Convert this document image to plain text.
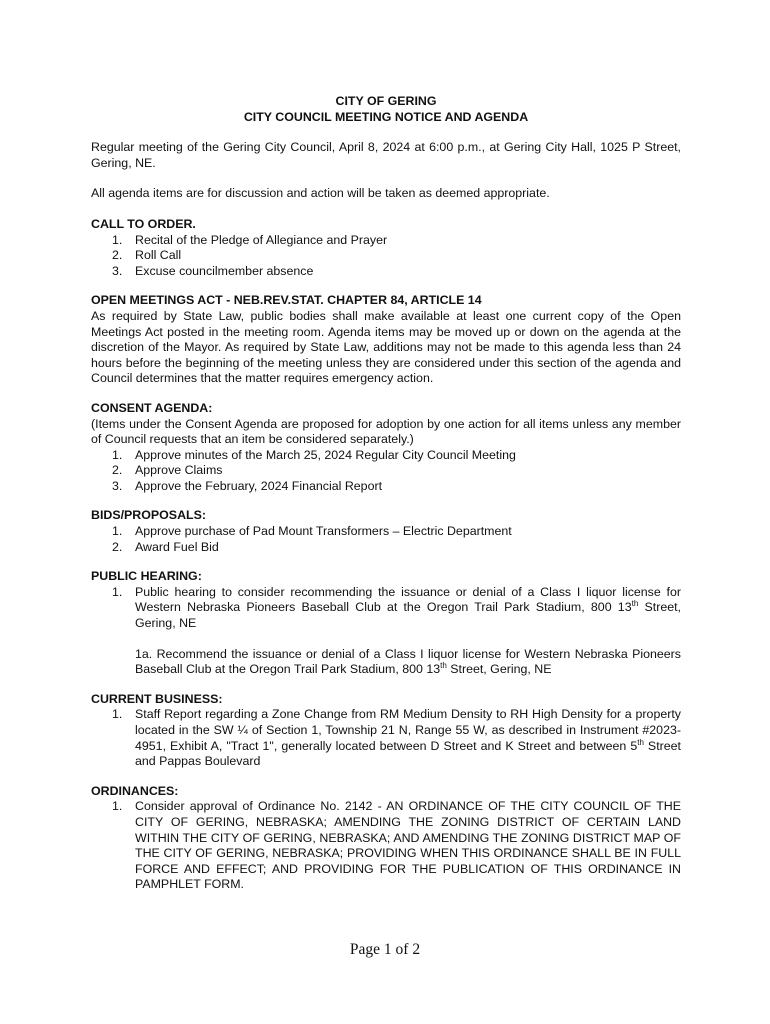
CITY OF GERING

CITY COUNCIL MEETING NOTICE AND AGENDA

Regular meeting of the Gering City Council, April 8, 2024 at 6:00 p.m., at Gering City Hall, 1025 P Street, Gering, NE.

All agenda items are for discussion and action will be taken as deemed appropriate.

CALL TO ORDER.

1. Recital of the Pledge of Allegiance and Prayer
2. Roll Call
3. Excuse councilmember absence

OPEN MEETINGS ACT - NEB.REV.STAT. CHAPTER 84, ARTICLE 14

As required by State Law, public bodies shall make available at least one current copy of the Open Meetings Act posted in the meeting room. Agenda items may be moved up or down on the agenda at the discretion of the Mayor. As required by State Law, additions may not be made to this agenda less than 24 hours before the beginning of the meeting unless they are considered under this section of the agenda and Council determines that the matter requires emergency action.

CONSENT AGENDA:

(Items under the Consent Agenda are proposed for adoption by one action for all items unless any member of Council requests that an item be considered separately.)

1. Approve minutes of the March 25, 2024 Regular City Council Meeting
2. Approve Claims
3. Approve the February, 2024 Financial Report

BIDS/PROPOSALS:

1. Approve purchase of Pad Mount Transformers – Electric Department
2. Award Fuel Bid

PUBLIC HEARING:

1. Public hearing to consider recommending the issuance or denial of a Class I liquor license for Western Nebraska Pioneers Baseball Club at the Oregon Trail Park Stadium, 800 13th Street, Gering, NE

1a. Recommend the issuance or denial of a Class I liquor license for Western Nebraska Pioneers Baseball Club at the Oregon Trail Park Stadium, 800 13th Street, Gering, NE

CURRENT BUSINESS:

1. Staff Report regarding a Zone Change from RM Medium Density to RH High Density for a property located in the SW ¼ of Section 1, Township 21 N, Range 55 W, as described in Instrument #2023-4951, Exhibit A, "Tract 1", generally located between D Street and K Street and between 5th Street and Pappas Boulevard

ORDINANCES:

1. Consider approval of Ordinance No. 2142 - AN ORDINANCE OF THE CITY COUNCIL OF THE CITY OF GERING, NEBRASKA; AMENDING THE ZONING DISTRICT OF CERTAIN LAND WITHIN THE CITY OF GERING, NEBRASKA; AND AMENDING THE ZONING DISTRICT MAP OF THE CITY OF GERING, NEBRASKA; PROVIDING WHEN THIS ORDINANCE SHALL BE IN FULL FORCE AND EFFECT; AND PROVIDING FOR THE PUBLICATION OF THIS ORDINANCE IN PAMPHLET FORM.
Page 1 of 2
